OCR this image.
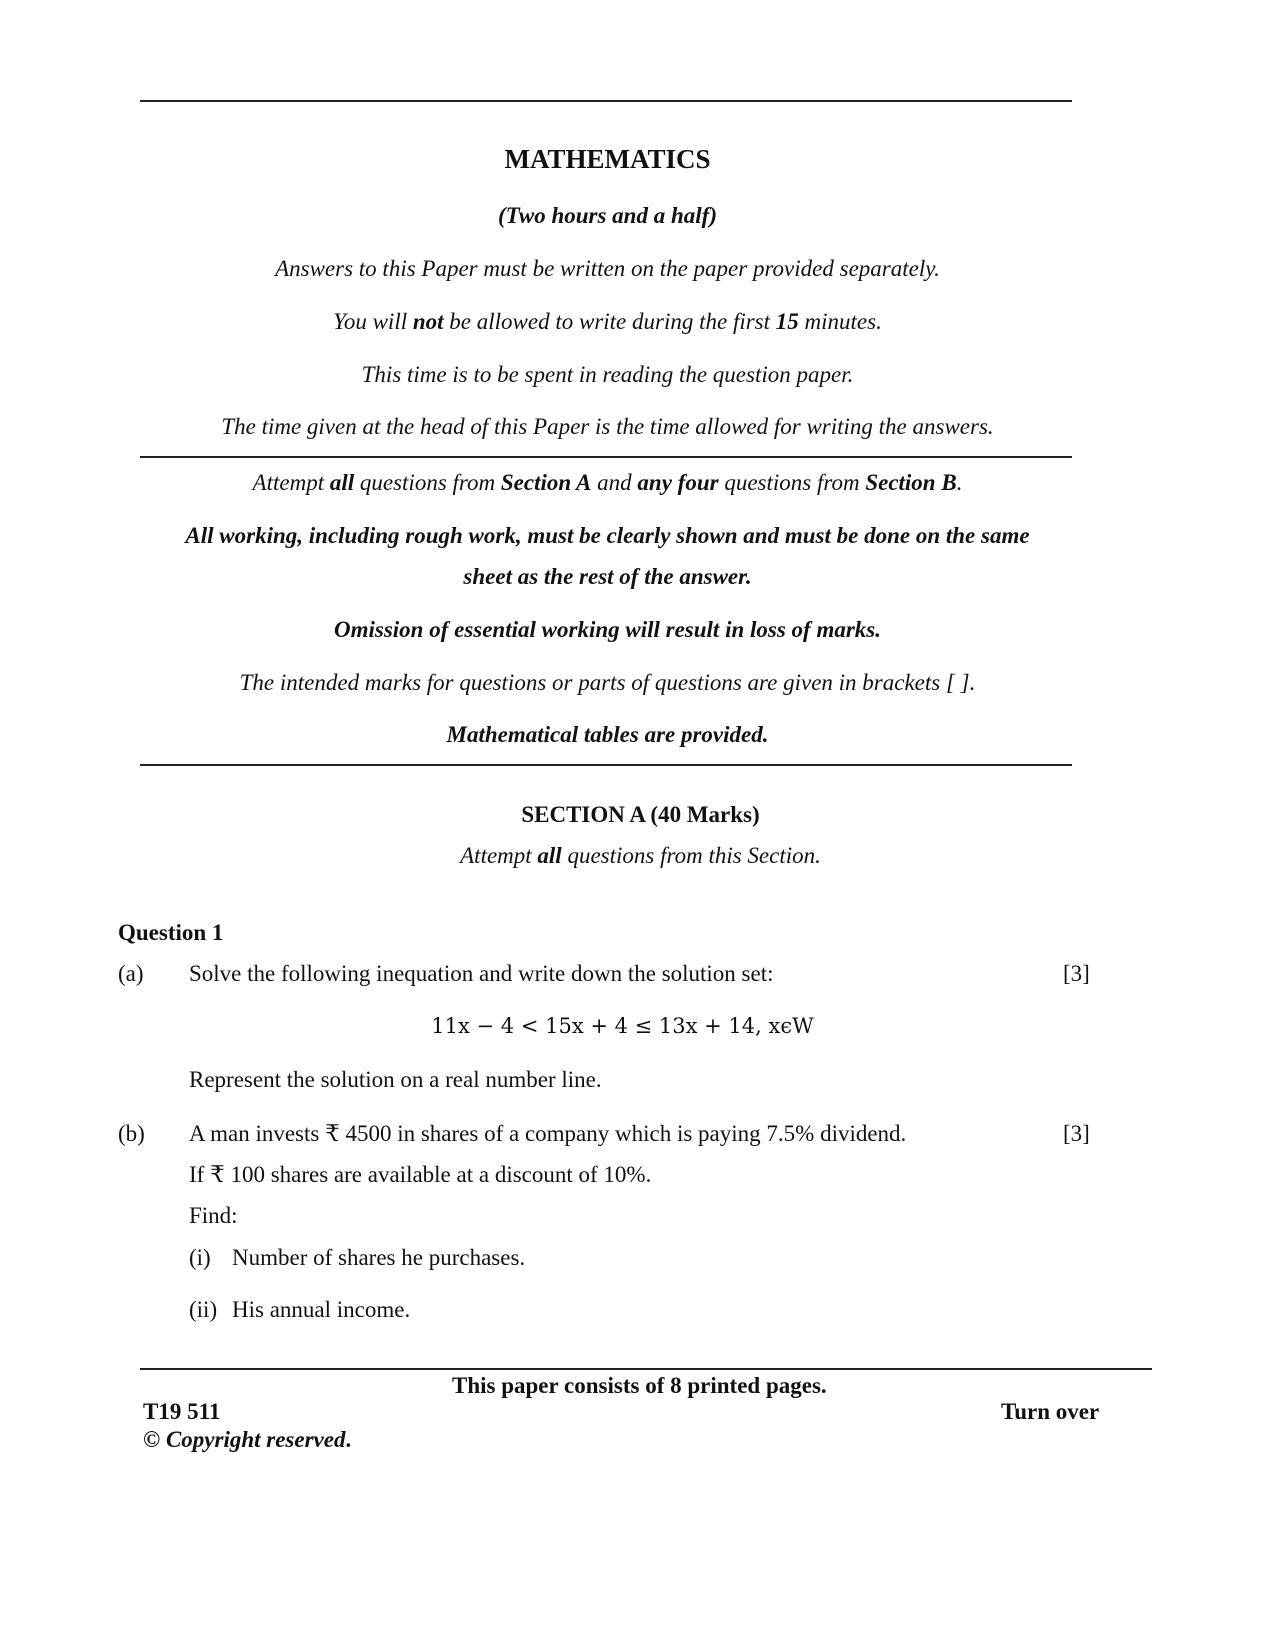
MATHEMATICS
(Two hours and a half)
Answers to this Paper must be written on the paper provided separately.
You will not be allowed to write during the first 15 minutes.
This time is to be spent in reading the question paper.
The time given at the head of this Paper is the time allowed for writing the answers.
Attempt all questions from Section A and any four questions from Section B.
All working, including rough work, must be clearly shown and must be done on the same
sheet as the rest of the answer.
Omission of essential working will result in loss of marks.
The intended marks for questions or parts of questions are given in brackets [ ].
Mathematical tables are provided.
SECTION A (40 Marks)
Attempt all questions from this Section.
Question 1
(a) Solve the following inequation and write down the solution set:	[3]
11x − 4 < 15x + 4 ≤ 13x + 14, xϵW
Represent the solution on a real number line.
(b) A man invests ₹ 4500 in shares of a company which is paying 7.5% dividend.	[3]
If ₹ 100 shares are available at a discount of 10%.
Find:
(i) Number of shares he purchases.
(ii) His annual income.
This paper consists of 8 printed pages.
T19 511	Turn over
© Copyright reserved.
